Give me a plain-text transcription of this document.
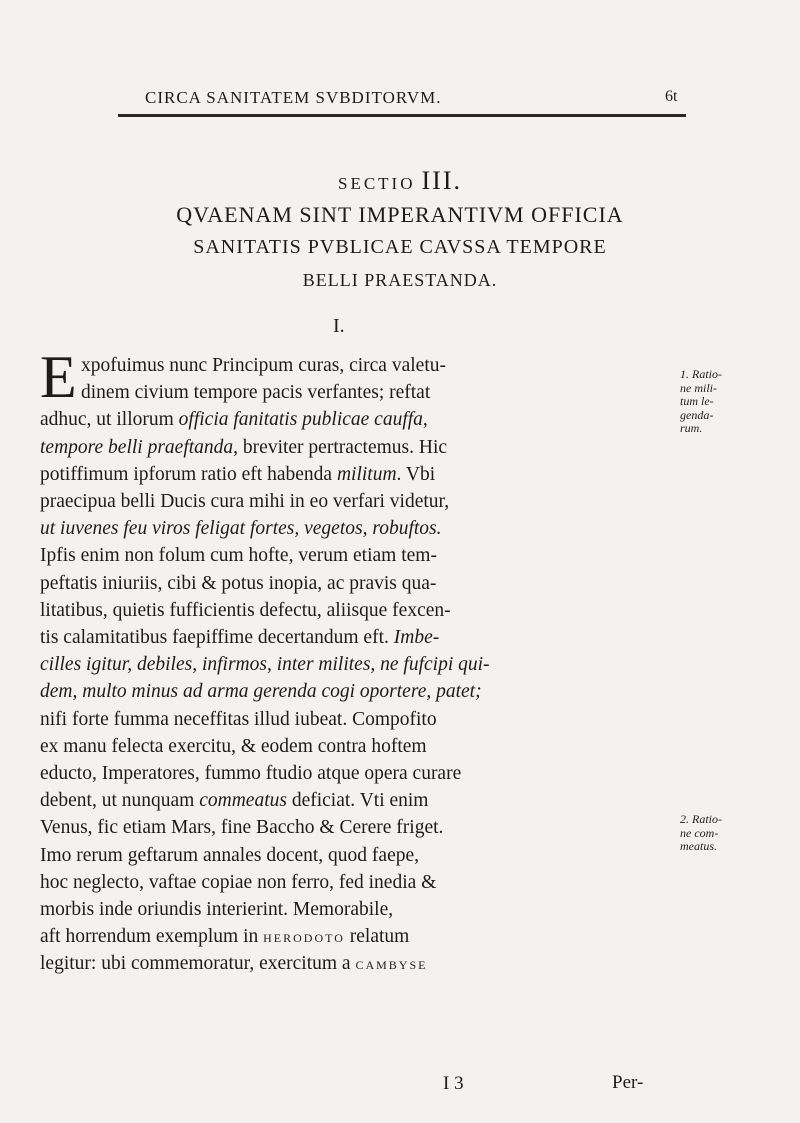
CIRCA SANITATEM SVBDITORVM.	6t
SECTIO III.
QVAENAM SINT IMPERANTIVM OFFICIA
SANITATIS PVBLICAE CAVSSA TEMPORE
BELLI PRAESTANDA.
I.
E xpofuimus nunc Principum curas, circa valetu-

dinem civium tempore pacis verfantes; reftat

adhuc, ut illorum officia fanitatis publicae cauffa,

tempore belli praeftanda, breviter pertractemus. Hic

potiffimum ipforum ratio eft habenda militum. Vbi

praecipua belli Ducis cura mihi in eo verfari videtur,

ut iuvenes feu viros feligat fortes, vegetos, robuftos.

Ipfis enim non folum cum hofte, verum etiam tem-

peftatis iniuriis, cibi & potus inopia, ac pravis qua-

litatibus, quietis fufficientis defectu, aliisque fexcen-

tis calamitatibus faepiffime decertandum eft. Imbe-

cilles igitur, debiles, infirmos, inter milites, ne fufcipi qui-

dem, multo minus ad arma gerenda cogi oportere, patet;

nifi forte fumma neceffitas illud iubeat. Compofito

ex manu felecta exercitu, & eodem contra hoftem

educto, Imperatores, fummo ftudio atque opera curare

debent, ut nunquam commeatus deficiat. Vti enim

Venus, fic etiam Mars, fine Baccho & Cerere friget.

Imo rerum geftarum annales docent, quod faepe,

hoc neglecto, vaftae copiae non ferro, fed inedia &

morbis inde oriundis interierint. Memorabile,

aft horrendum exemplum in herodoto relatum

legitur: ubi commemoratur, exercitum a cambyse

1. Ratio-
ne mili-
tum le-
genda-
rum.
2. Ratio-
ne com-
meatus.
I 3	Per-
